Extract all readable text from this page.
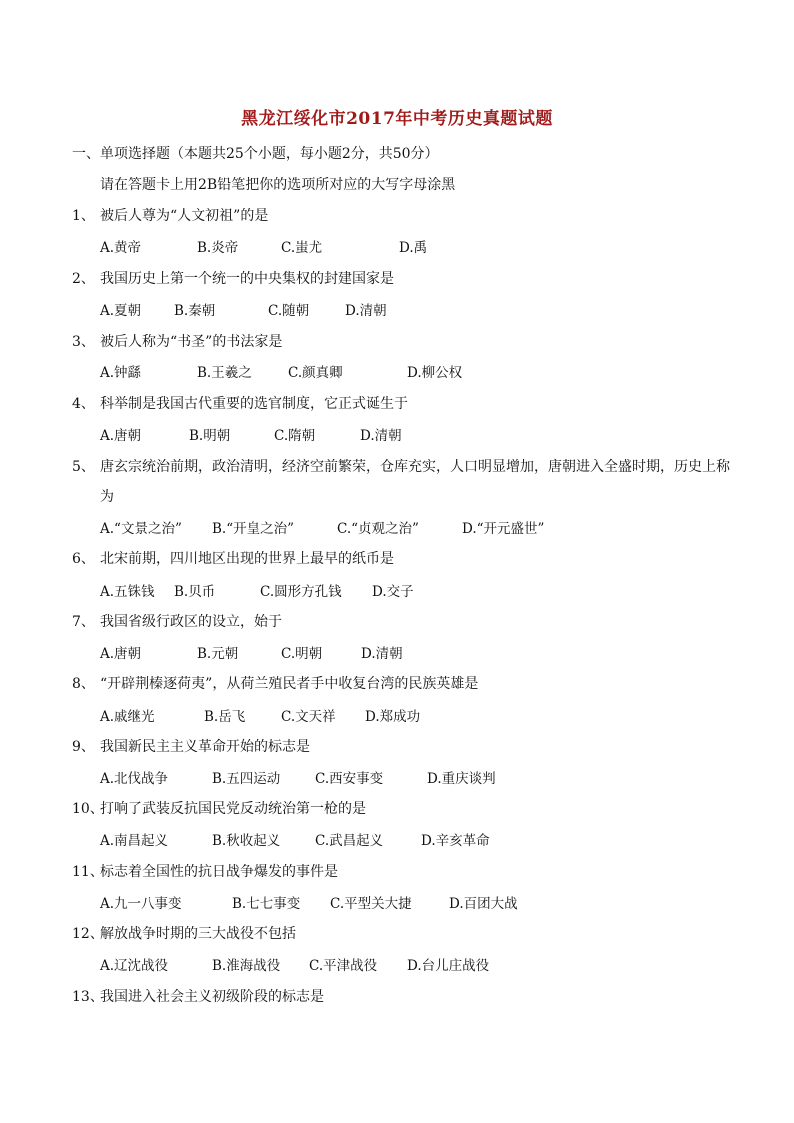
黑龙江绥化市2017年中考历史真题试题
一、单项选择题（本题共25个小题，每小题2分，共50分）
请在答题卡上用2B铅笔把你的选项所对应的大写字母涂黑
1、 被后人尊为“人文初祖”的是
A.黄帝	B.炎帝	C.蚩尤	D.禹
2、 我国历史上第一个统一的中央集权的封建国家是
A.夏朝 B.秦朝	C.随朝	D.清朝
3、 被后人称为“书圣”的书法家是
A.钟繇	B.王羲之	C.颜真卿	D.柳公权
4、 科举制是我国古代重要的选官制度，它正式诞生于
A.唐朝	B.明朝	C.隋朝	D.清朝
5、 唐玄宗统治前期，政治清明，经济空前繁荣，仓库充实，人口明显增加，唐朝进入全盛时期，历史上称
为
A.“文景之治” B.“开皇之治”	C.“贞观之治”	D.“开元盛世”
6、 北宋前期，四川地区出现的世界上最早的纸币是
A.五铢钱 B.贝币	C.圆形方孔钱 D.交子
7、 我国省级行政区的设立，始于
A.唐朝	B.元朝	C.明朝	D.清朝
8、 “开辟荆榛逐荷夷”，从荷兰殖民者手中收复台湾的民族英雄是
A.戚继光	B.岳飞	C.文天祥 D.郑成功
9、 我国新民主主义革命开始的标志是
A.北伐战争	B.五四运动	C.西安事变	D.重庆谈判
10、打响了武装反抗国民党反动统治第一枪的是
A.南昌起义	B.秋收起义	C.武昌起义	D.辛亥革命
11、标志着全国性的抗日战争爆发的事件是
A.九一八事变	B.七七事变 C.平型关大捷	D.百团大战
12、解放战争时期的三大战役不包括
A.辽沈战役	B.淮海战役 C.平津战役 D.台儿庄战役
13、我国进入社会主义初级阶段的标志是
